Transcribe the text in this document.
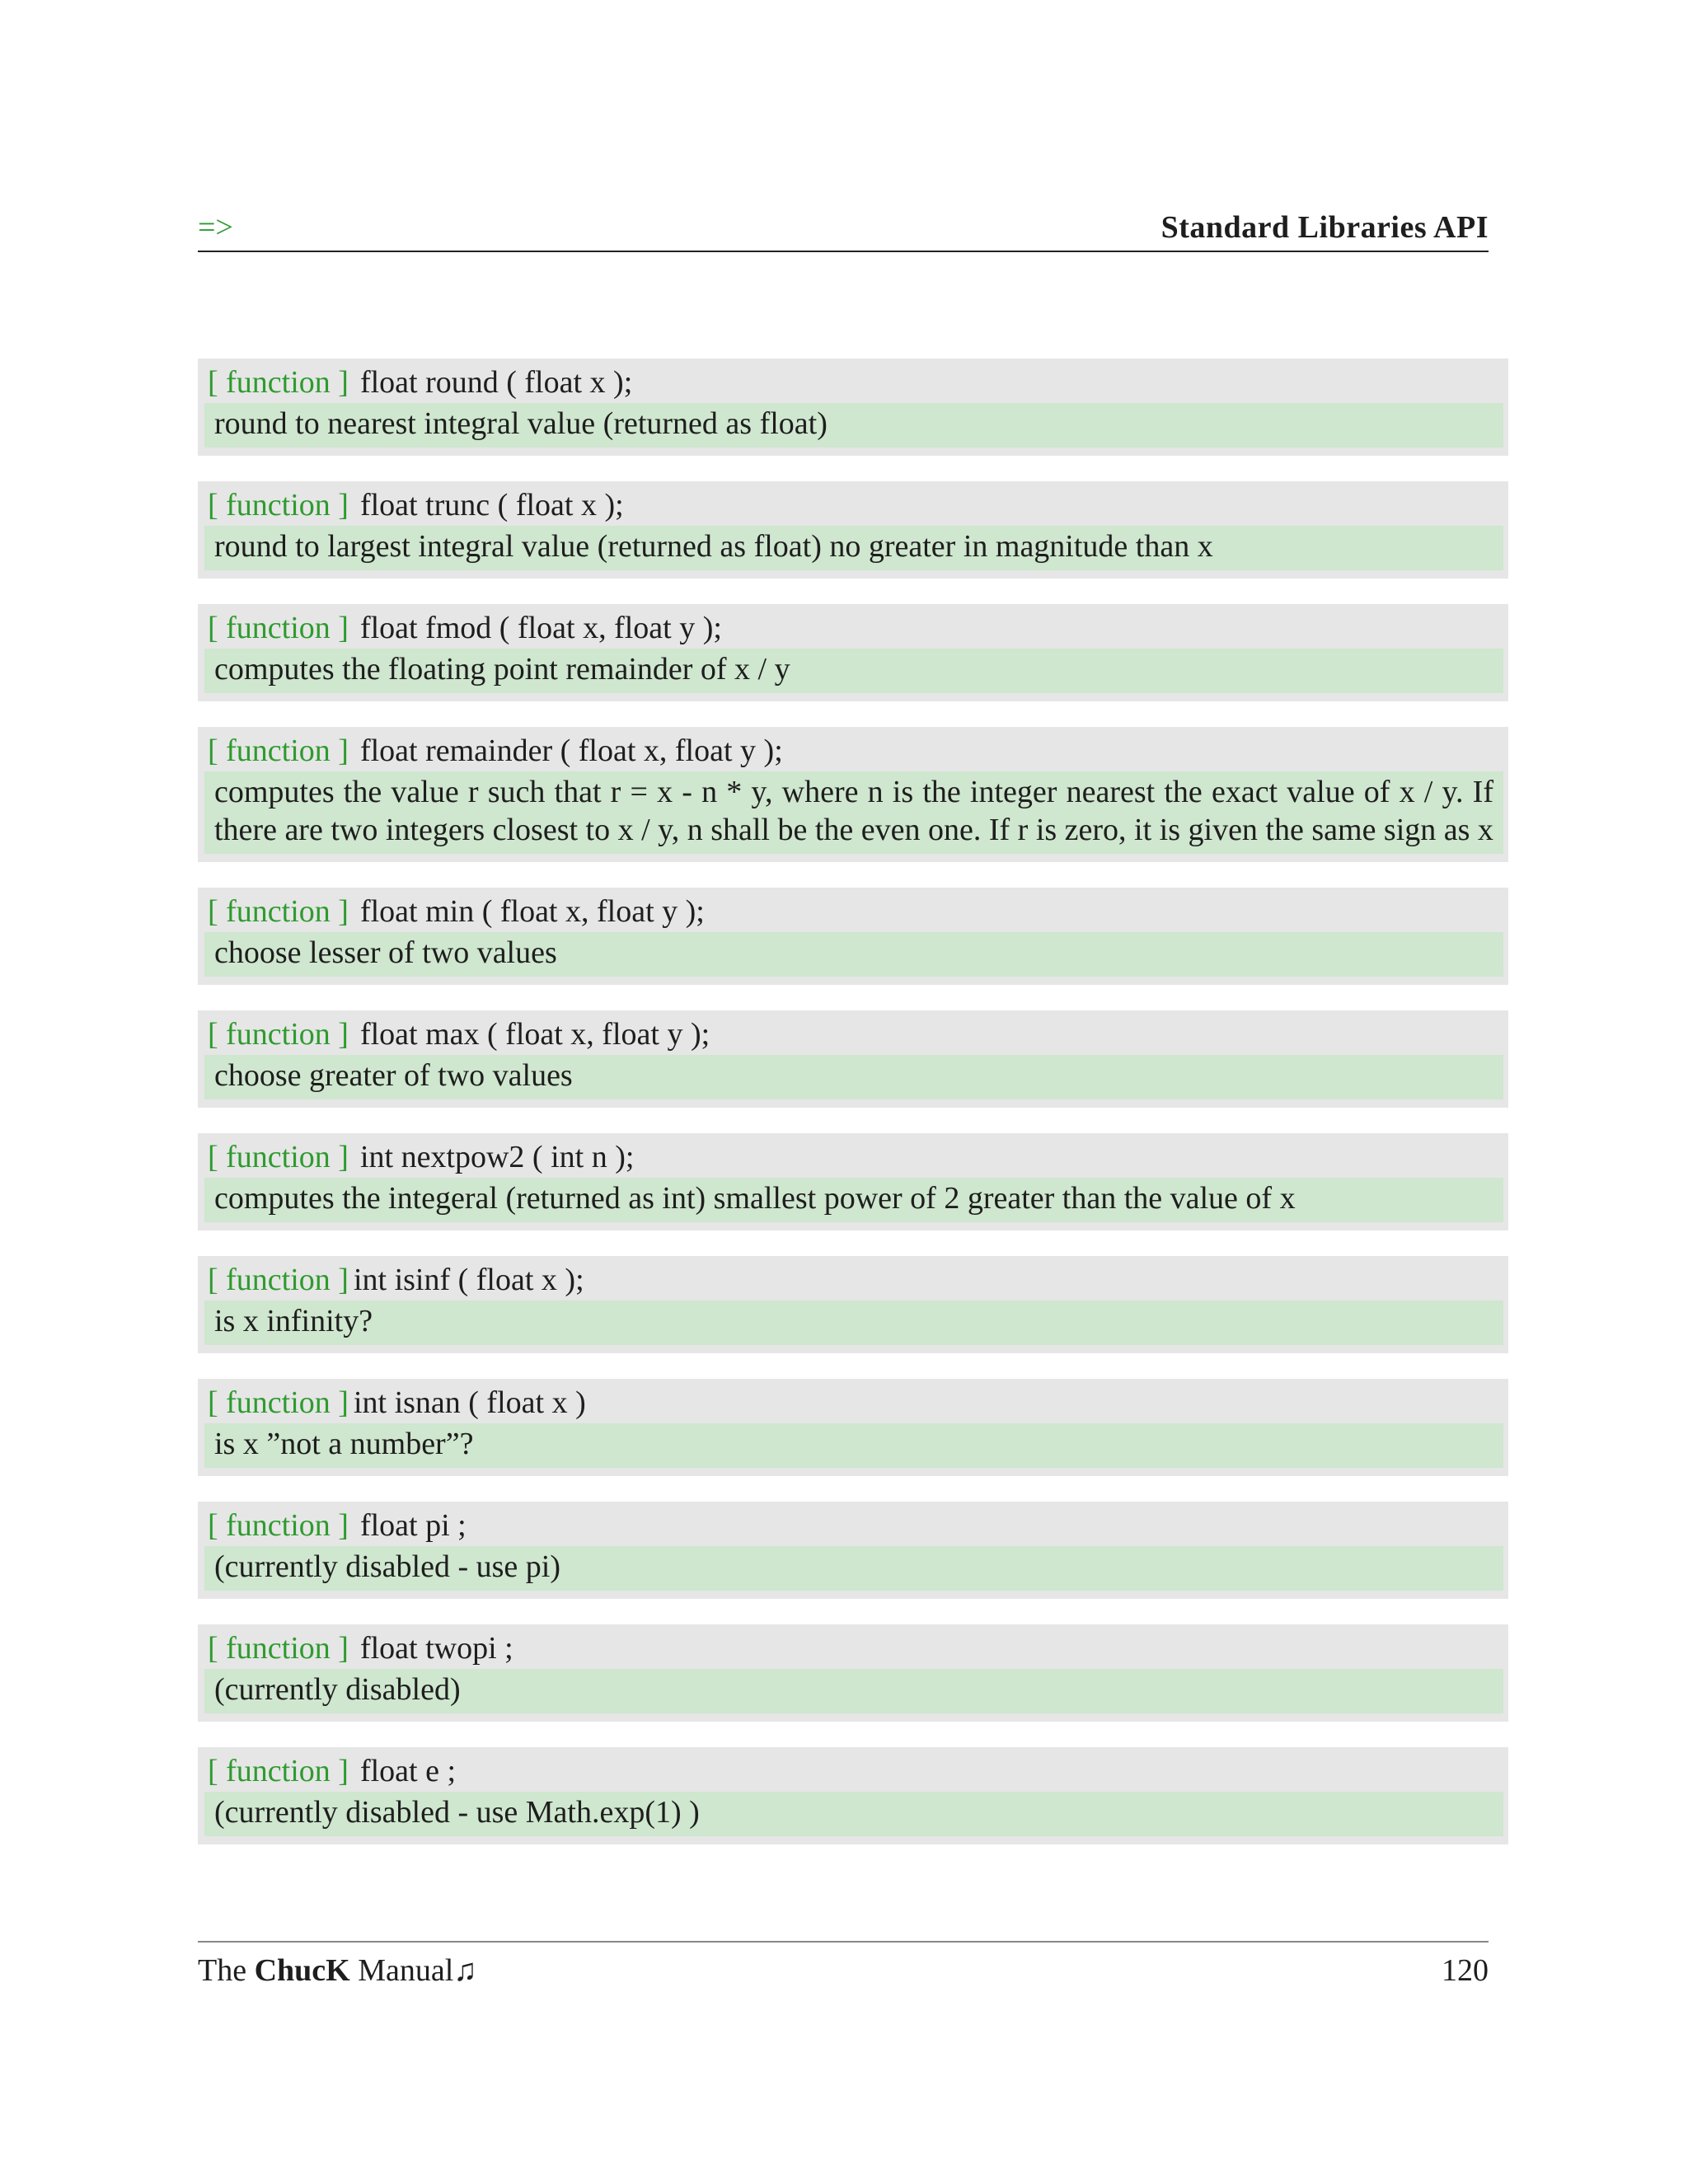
=>	Standard Libraries API
[ function ] float round ( float x );
round to nearest integral value (returned as float)
[ function ] float trunc ( float x );
round to largest integral value (returned as float) no greater in magnitude than x
[ function ] float fmod ( float x, float y );
computes the floating point remainder of x / y
[ function ] float remainder ( float x, float y );
computes the value r such that r = x - n * y, where n is the integer nearest the exact value of x / y. If there are two integers closest to x / y, n shall be the even one. If r is zero, it is given the same sign as x
[ function ] float min ( float x, float y );
choose lesser of two values
[ function ] float max ( float x, float y );
choose greater of two values
[ function ] int nextpow2 ( int n );
computes the integeral (returned as int) smallest power of 2 greater than the value of x
[ function ] int isinf ( float x );
is x infinity?
[ function ] int isnan ( float x )
is x ”not a number”?
[ function ] float pi ;
(currently disabled - use pi)
[ function ] float twopi ;
(currently disabled)
[ function ] float e ;
(currently disabled - use Math.exp(1) )
The ChucK Manual♫	120
